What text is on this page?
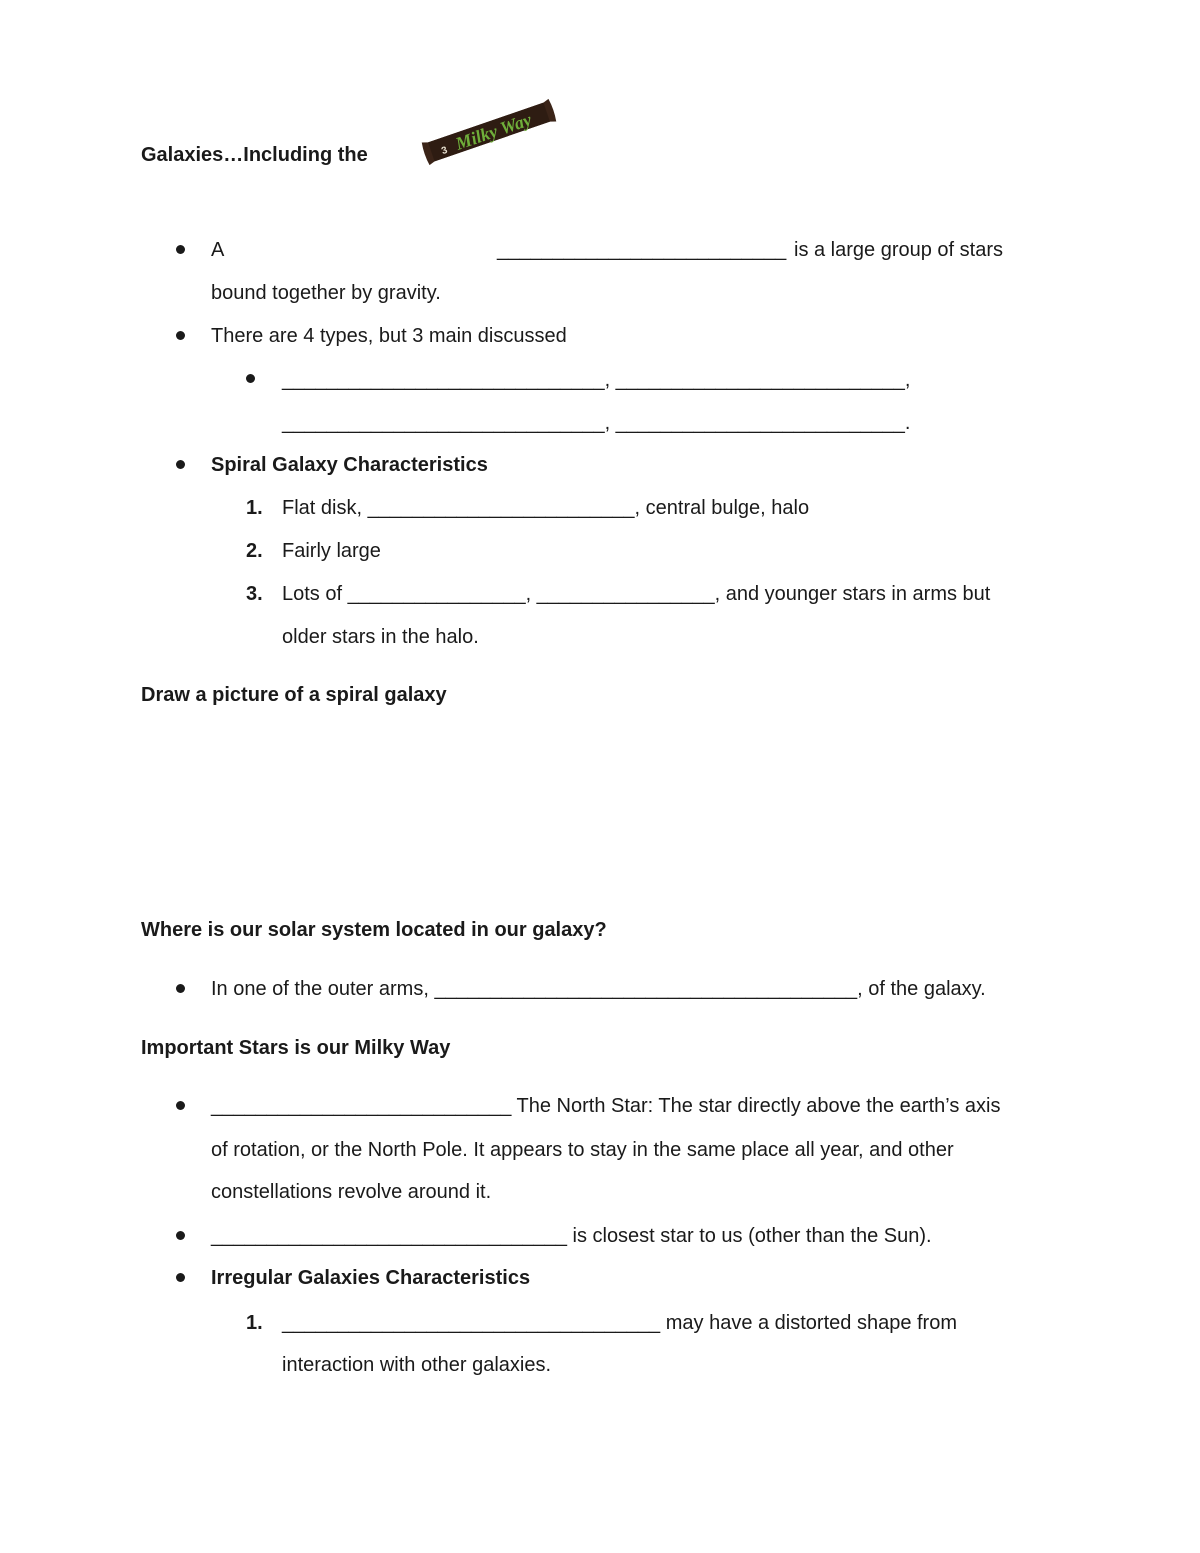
Galaxies…Including the	3 Milky Way
A	__________________________ is a large group of stars
bound together by gravity.
There are 4 types, but 3 main discussed
_____________________________, __________________________,
_____________________________, __________________________.
Spiral Galaxy Characteristics
1. Flat disk, ________________________, central bulge, halo
2. Fairly large
3. Lots of ________________, ________________, and younger stars in arms but
older stars in the halo.
Draw a picture of a spiral galaxy
Where is our solar system located in our galaxy?
In one of the outer arms, ______________________________________, of the galaxy.
Important Stars is our Milky Way
___________________________ The North Star: The star directly above the earth’s axis
of rotation, or the North Pole. It appears to stay in the same place all year, and other
constellations revolve around it.
________________________________ is closest star to us (other than the Sun).
Irregular Galaxies Characteristics
1. __________________________________ may have a distorted shape from
interaction with other galaxies.
